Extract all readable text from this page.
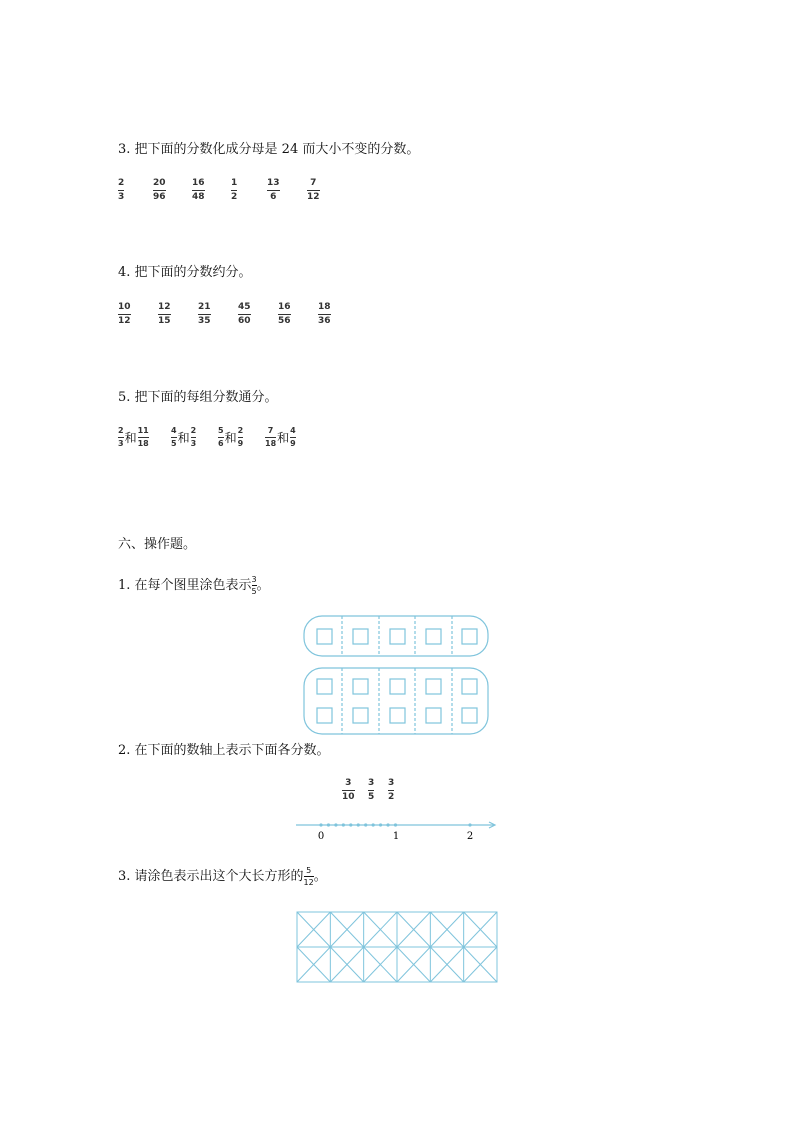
3. 把下面的分数化成分母是 24 而大小不变的分数。
2
3
20
96
16
48
1
2
13
6
7
12
4. 把下面的分数约分。
10
12
12
15
21
35
45
60
16
56
18
36
5. 把下面的每组分数通分。
$\frac{2}{3}$ 和 $\frac{11}{18}$	$\frac{4}{5}$ 和 $\frac{2}{3}$	$\frac{5}{6}$ 和 $\frac{2}{9}$	$\frac{7}{18}$ 和 $\frac{4}{9}$
六、操作题。
1. 在每个图里涂色表示 $\frac{3}{5}$ 。
2. 在下面的数轴上表示下面各分数。
3
10
3
5
3
2
0	1	2
3. 请涂色表示出这个大长方形的 $\frac{5}{12}$ 。
